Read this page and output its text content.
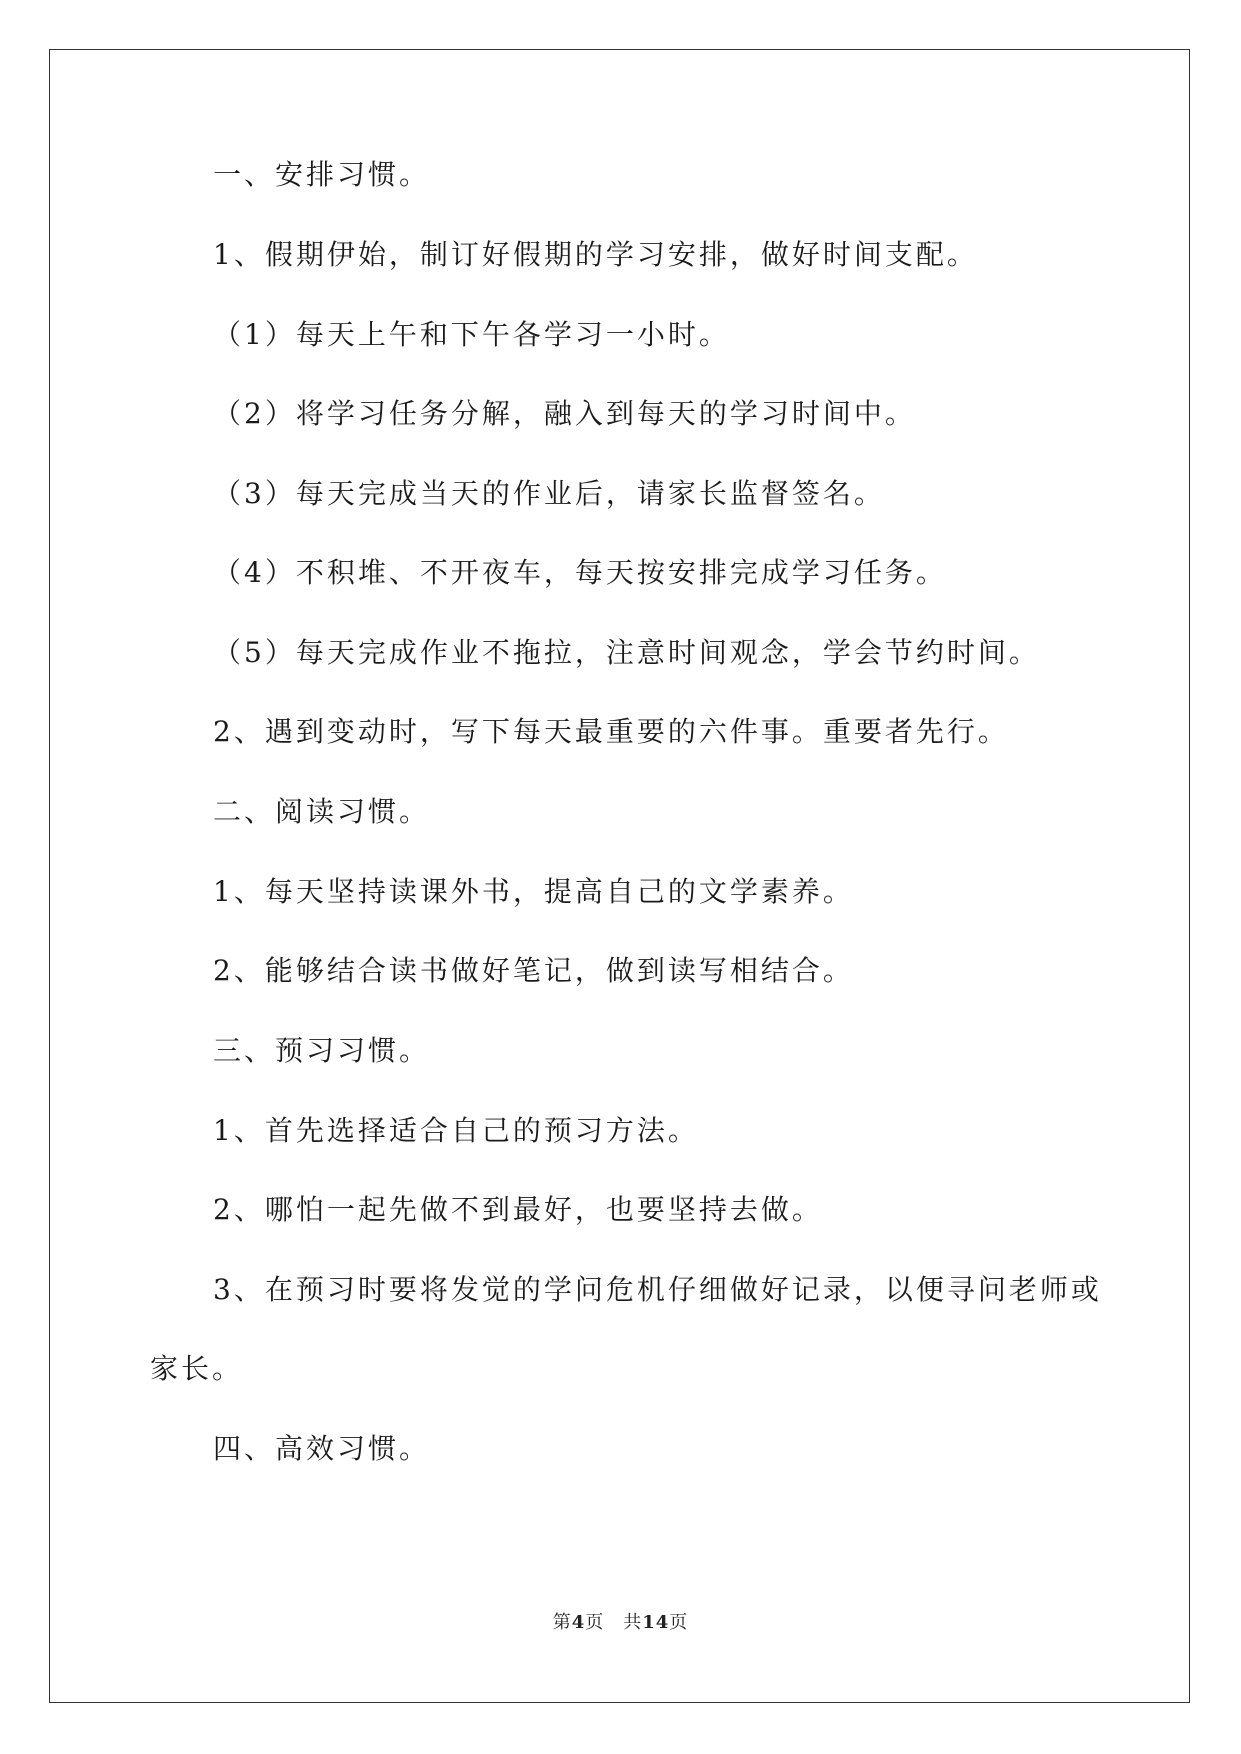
一、安排习惯。
1、假期伊始，制订好假期的学习安排，做好时间支配。
（1）每天上午和下午各学习一小时。
（2）将学习任务分解，融入到每天的学习时间中。
（3）每天完成当天的作业后，请家长监督签名。
（4）不积堆、不开夜车，每天按安排完成学习任务。
（5）每天完成作业不拖拉，注意时间观念，学会节约时间。
2、遇到变动时，写下每天最重要的六件事。重要者先行。
二、阅读习惯。
1、每天坚持读课外书，提高自己的文学素养。
2、能够结合读书做好笔记，做到读写相结合。
三、预习习惯。
1、首先选择适合自己的预习方法。
2、哪怕一起先做不到最好，也要坚持去做。
3、在预习时要将发觉的学问危机仔细做好记录，以便寻问老师或
家长。
四、高效习惯。
第4页　共14页
